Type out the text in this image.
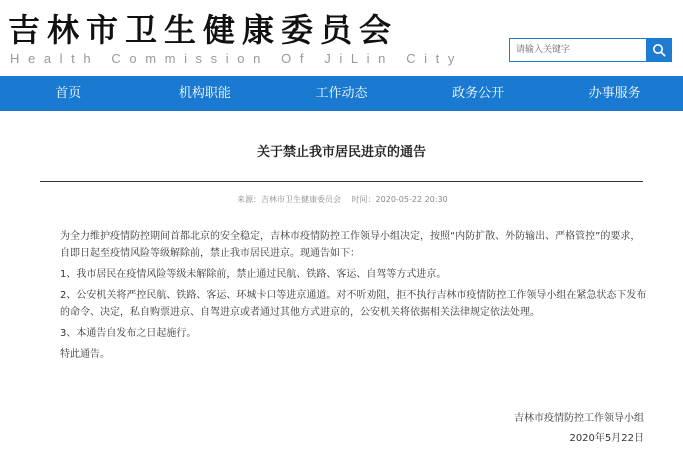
吉林市卫生健康委员会
Health Commission Of JiLin City
请输入关键字
首页	机构职能	工作动态	政务公开	办事服务
关于禁止我市居民进京的通告
来源：吉林市卫生健康委员会 时间：2020-05-22 20:30

为全力维护疫情防控期间首都北京的安全稳定，吉林市疫情防控工作领导小组决定，按照“内防扩散、外防输出、严格管控”的要求，自即日起至疫情风险等级解除前，禁止我市居民进京。现通告如下：

1、我市居民在疫情风险等级未解除前，禁止通过民航、铁路、客运、自驾等方式进京。

2、公安机关将严控民航、铁路、客运、环城卡口等进京通道。对不听劝阻，拒不执行吉林市疫情防控工作领导小组在紧急状态下发布的命令、决定，私自购票进京、自驾进京或者通过其他方式进京的，公安机关将依据相关法律规定依法处理。

3、本通告自发布之日起施行。

特此通告。

吉林市疫情防控工作领导小组
2020年5月22日
